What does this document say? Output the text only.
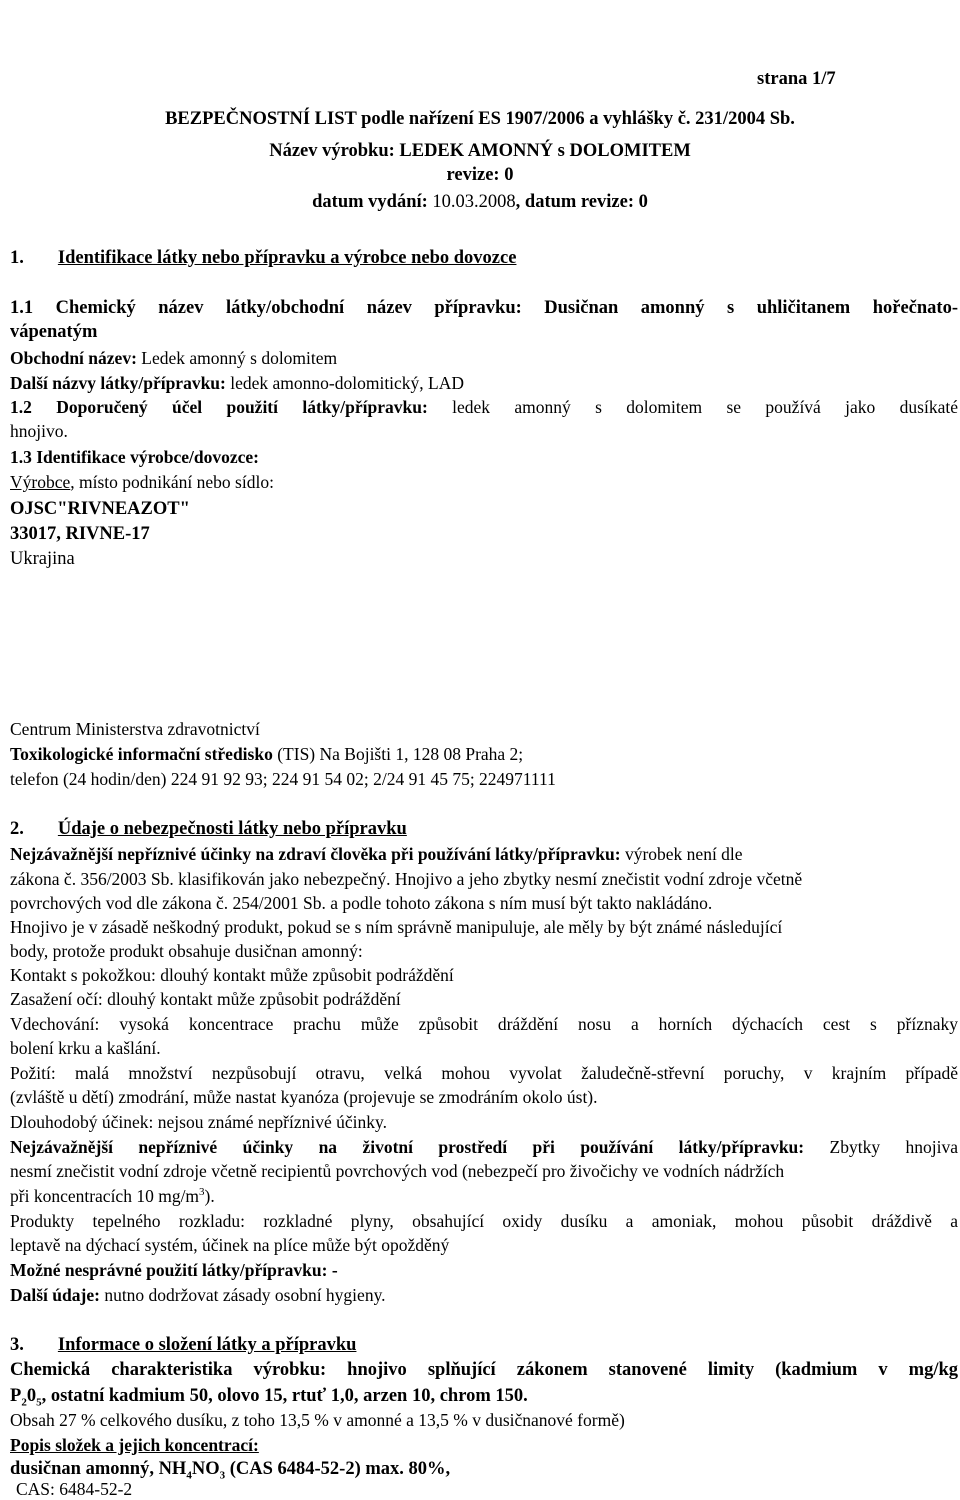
strana 1/7
BEZPEČNOSTNÍ LIST podle nařízení ES 1907/2006 a vyhlášky č. 231/2004 Sb.
Název výrobku: LEDEK AMONNÝ s DOLOMITEM
revize: 0
datum vydání: 10.03.2008, datum revize: 0
1. Identifikace látky nebo přípravku a výrobce nebo dovozce
1.1 Chemický název látky/obchodní název přípravku: Dusičnan amonný s uhličitanem hořečnato-
vápenatým
Obchodní název: Ledek amonný s dolomitem
Další názvy látky/přípravku: ledek amonno-dolomitický, LAD
1.2 Doporučený účel použití látky/přípravku: ledek amonný s dolomitem se používá jako dusíkaté
hnojivo.
1.3 Identifikace výrobce/dovozce:
Výrobce, místo podnikání nebo sídlo:
OJSC"RIVNEAZOT"
33017, RIVNE-17
Ukrajina
Centrum Ministerstva zdravotnictví
Toxikologické informační středisko (TIS) Na Bojišti 1, 128 08 Praha 2;
telefon (24 hodin/den) 224 91 92 93; 224 91 54 02; 2/24 91 45 75; 224971111
2. Údaje o nebezpečnosti látky nebo přípravku
Nejzávažnější nepříznivé účinky na zdraví člověka při používání látky/přípravku: výrobek není dle
zákona č. 356/2003 Sb. klasifikován jako nebezpečný. Hnojivo a jeho zbytky nesmí znečistit vodní zdroje včetně
povrchových vod dle zákona č. 254/2001 Sb. a podle tohoto zákona s ním musí být takto nakládáno.
Hnojivo je v zásadě neškodný produkt, pokud se s ním správně manipuluje, ale měly by být známé následující
body, protože produkt obsahuje dusičnan amonný:
Kontakt s pokožkou: dlouhý kontakt může způsobit podráždění
Zasažení očí: dlouhý kontakt může způsobit podráždění
Vdechování: vysoká koncentrace prachu může způsobit dráždění nosu a horních dýchacích cest s příznaky
bolení krku a kašlání.
Požití: malá množství nezpůsobují otravu, velká mohou vyvolat žaludečně-střevní poruchy, v krajním případě
(zvláště u dětí) zmodrání, může nastat kyanóza (projevuje se zmodráním okolo úst).
Dlouhodobý účinek: nejsou známé nepříznivé účinky.
Nejzávažnější nepříznivé účinky na životní prostředí při používání látky/přípravku: Zbytky hnojiva
nesmí znečistit vodní zdroje včetně recipientů povrchových vod (nebezpečí pro živočichy ve vodních nádržích
při koncentracích 10 $mg/m^3$).
Produkty tepelného rozkladu: rozkladné plyny, obsahující oxidy dusíku a amoniak, mohou působit dráždivě a
leptavě na dýchací systém, účinek na plíce může být opožděný
Možné nesprávné použití látky/přípravku: -
Další údaje: nutno dodržovat zásady osobní hygieny.
3. Informace o složení látky a přípravku
Chemická charakteristika výrobku: hnojivo splňující zákonem stanovené limity (kadmium v mg/kg
$P_20_5$, ostatní kadmium 50, olovo 15, rtuť 1,0, arzen 10, chrom 150.
Obsah 27 % celkového dusíku, z toho 13,5 % v amonné a 13,5 % v dusičnanové formě)
Popis složek a jejich koncentrací:
dusičnan amonný, $NH_4NO_3$ (CAS 6484-52-2) max. 80%,
CAS: 6484-52-2
